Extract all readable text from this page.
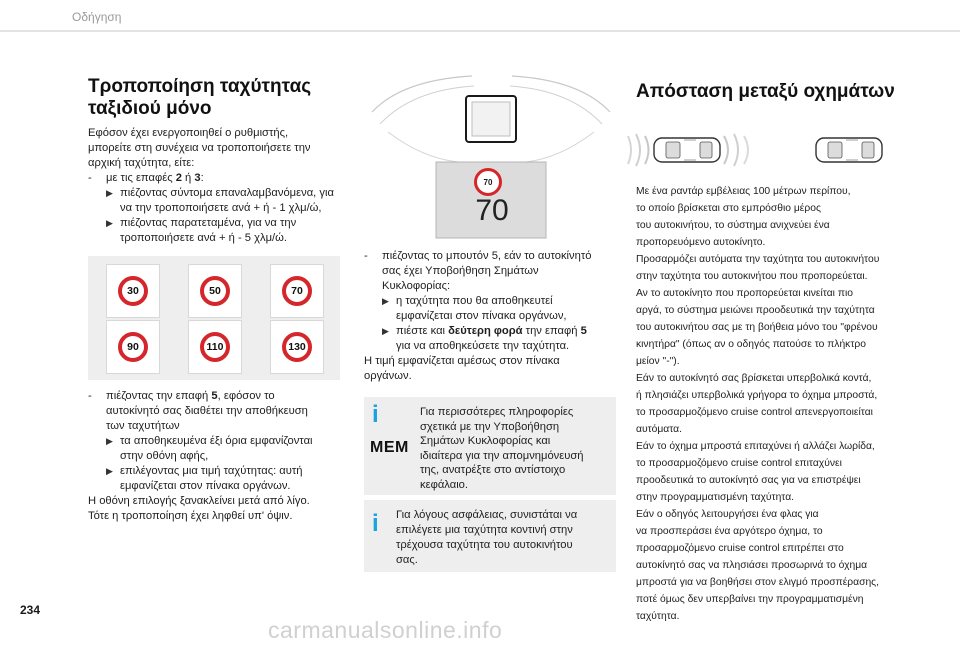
Οδήγηση
Τροποποίηση ταχύτητας
ταξιδιού μόνο
Εφόσον έχει ενεργοποιηθεί ο ρυθμιστής,
μπορείτε στη συνέχεια να τροποποιήσετε την
αρχική ταχύτητα, είτε:
-	με τις επαφές 2 ή 3:
▶ πιέζοντας σύντομα επαναλαμβανόμενα, για
να την τροποποιήσετε ανά + ή - 1 χλμ/ώ,
▶ πιέζοντας παρατεταμένα, για να την
τροποποιήσετε ανά + ή - 5 χλμ/ώ.
30	50	70
90	110	130
-	πιέζοντας την επαφή 5, εφόσον το
αυτοκίνητό σας διαθέτει την αποθήκευση
των ταχυτήτων
▶ τα αποθηκευμένα έξι όρια εμφανίζονται
στην οθόνη αφής,
▶ επιλέγοντας μια τιμή ταχύτητας: αυτή
εμφανίζεται στον πίνακα οργάνων.
Η οθόνη επιλογής ξανακλείνει μετά από λίγο.
Τότε η τροποποίηση έχει ληφθεί υπ' όψιν.
70
70
-	πιέζοντας το μπουτόν 5, εάν το αυτοκίνητό
σας έχει Υποβοήθηση Σημάτων
Κυκλοφορίας:
▶ η ταχύτητα που θα αποθηκευτεί
εμφανίζεται στον πίνακα οργάνων,
▶ πιέστε και δεύτερη φορά την επαφή 5
για να αποθηκεύσετε την ταχύτητα.
Η τιμή εμφανίζεται αμέσως στον πίνακα
οργάνων.
i
MEM
Για περισσότερες πληροφορίες
σχετικά με την Υποβοήθηση
Σημάτων Κυκλοφορίας και
ιδιαίτερα για την απομνημόνευσή
της, ανατρέξτε στο αντίστοιχο
κεφάλαιο.
i Για λόγους ασφάλειας, συνιστάται να
επιλέγετε μια ταχύτητα κοντινή στην
τρέχουσα ταχύτητα του αυτοκινήτου
σας.
Απόσταση μεταξύ οχημάτων
Με ένα ραντάρ εμβέλειας 100 μέτρων περίπου,
το οποίο βρίσκεται στο εμπρόσθιο μέρος
του αυτοκινήτου, το σύστημα ανιχνεύει ένα
προπορευόμενο αυτοκίνητο.
Προσαρμόζει αυτόματα την ταχύτητα του αυτοκινήτου
στην ταχύτητα του αυτοκινήτου που προπορεύεται.
Αν το αυτοκίνητο που προπορεύεται κινείται πιο
αργά, το σύστημα μειώνει προοδευτικά την ταχύτητα
του αυτοκινήτου σας με τη βοήθεια μόνο του "φρένου
κινητήρα" (όπως αν ο οδηγός πατούσε το πλήκτρο
μείον "-").
Εάν το αυτοκίνητό σας βρίσκεται υπερβολικά κοντά,
ή πλησιάζει υπερβολικά γρήγορα το όχημα μπροστά,
το προσαρμοζόμενο cruise control απενεργοποιείται
αυτόματα.
Εάν το όχημα μπροστά επιταχύνει ή αλλάζει λωρίδα,
το προσαρμοζόμενο cruise control επιταχύνει
προοδευτικά το αυτοκίνητό σας για να επιστρέψει
στην προγραμματισμένη ταχύτητα.
Εάν ο οδηγός λειτουργήσει ένα φλας για
να προσπεράσει ένα αργότερο όχημα, το
προσαρμοζόμενο cruise control επιτρέπει στο
αυτοκίνητό σας να πλησιάσει προσωρινά το όχημα
μπροστά για να βοηθήσει στον ελιγμό προσπέρασης,
ποτέ όμως δεν υπερβαίνει την προγραμματισμένη
ταχύτητα.
234
carmanualsonline.info
